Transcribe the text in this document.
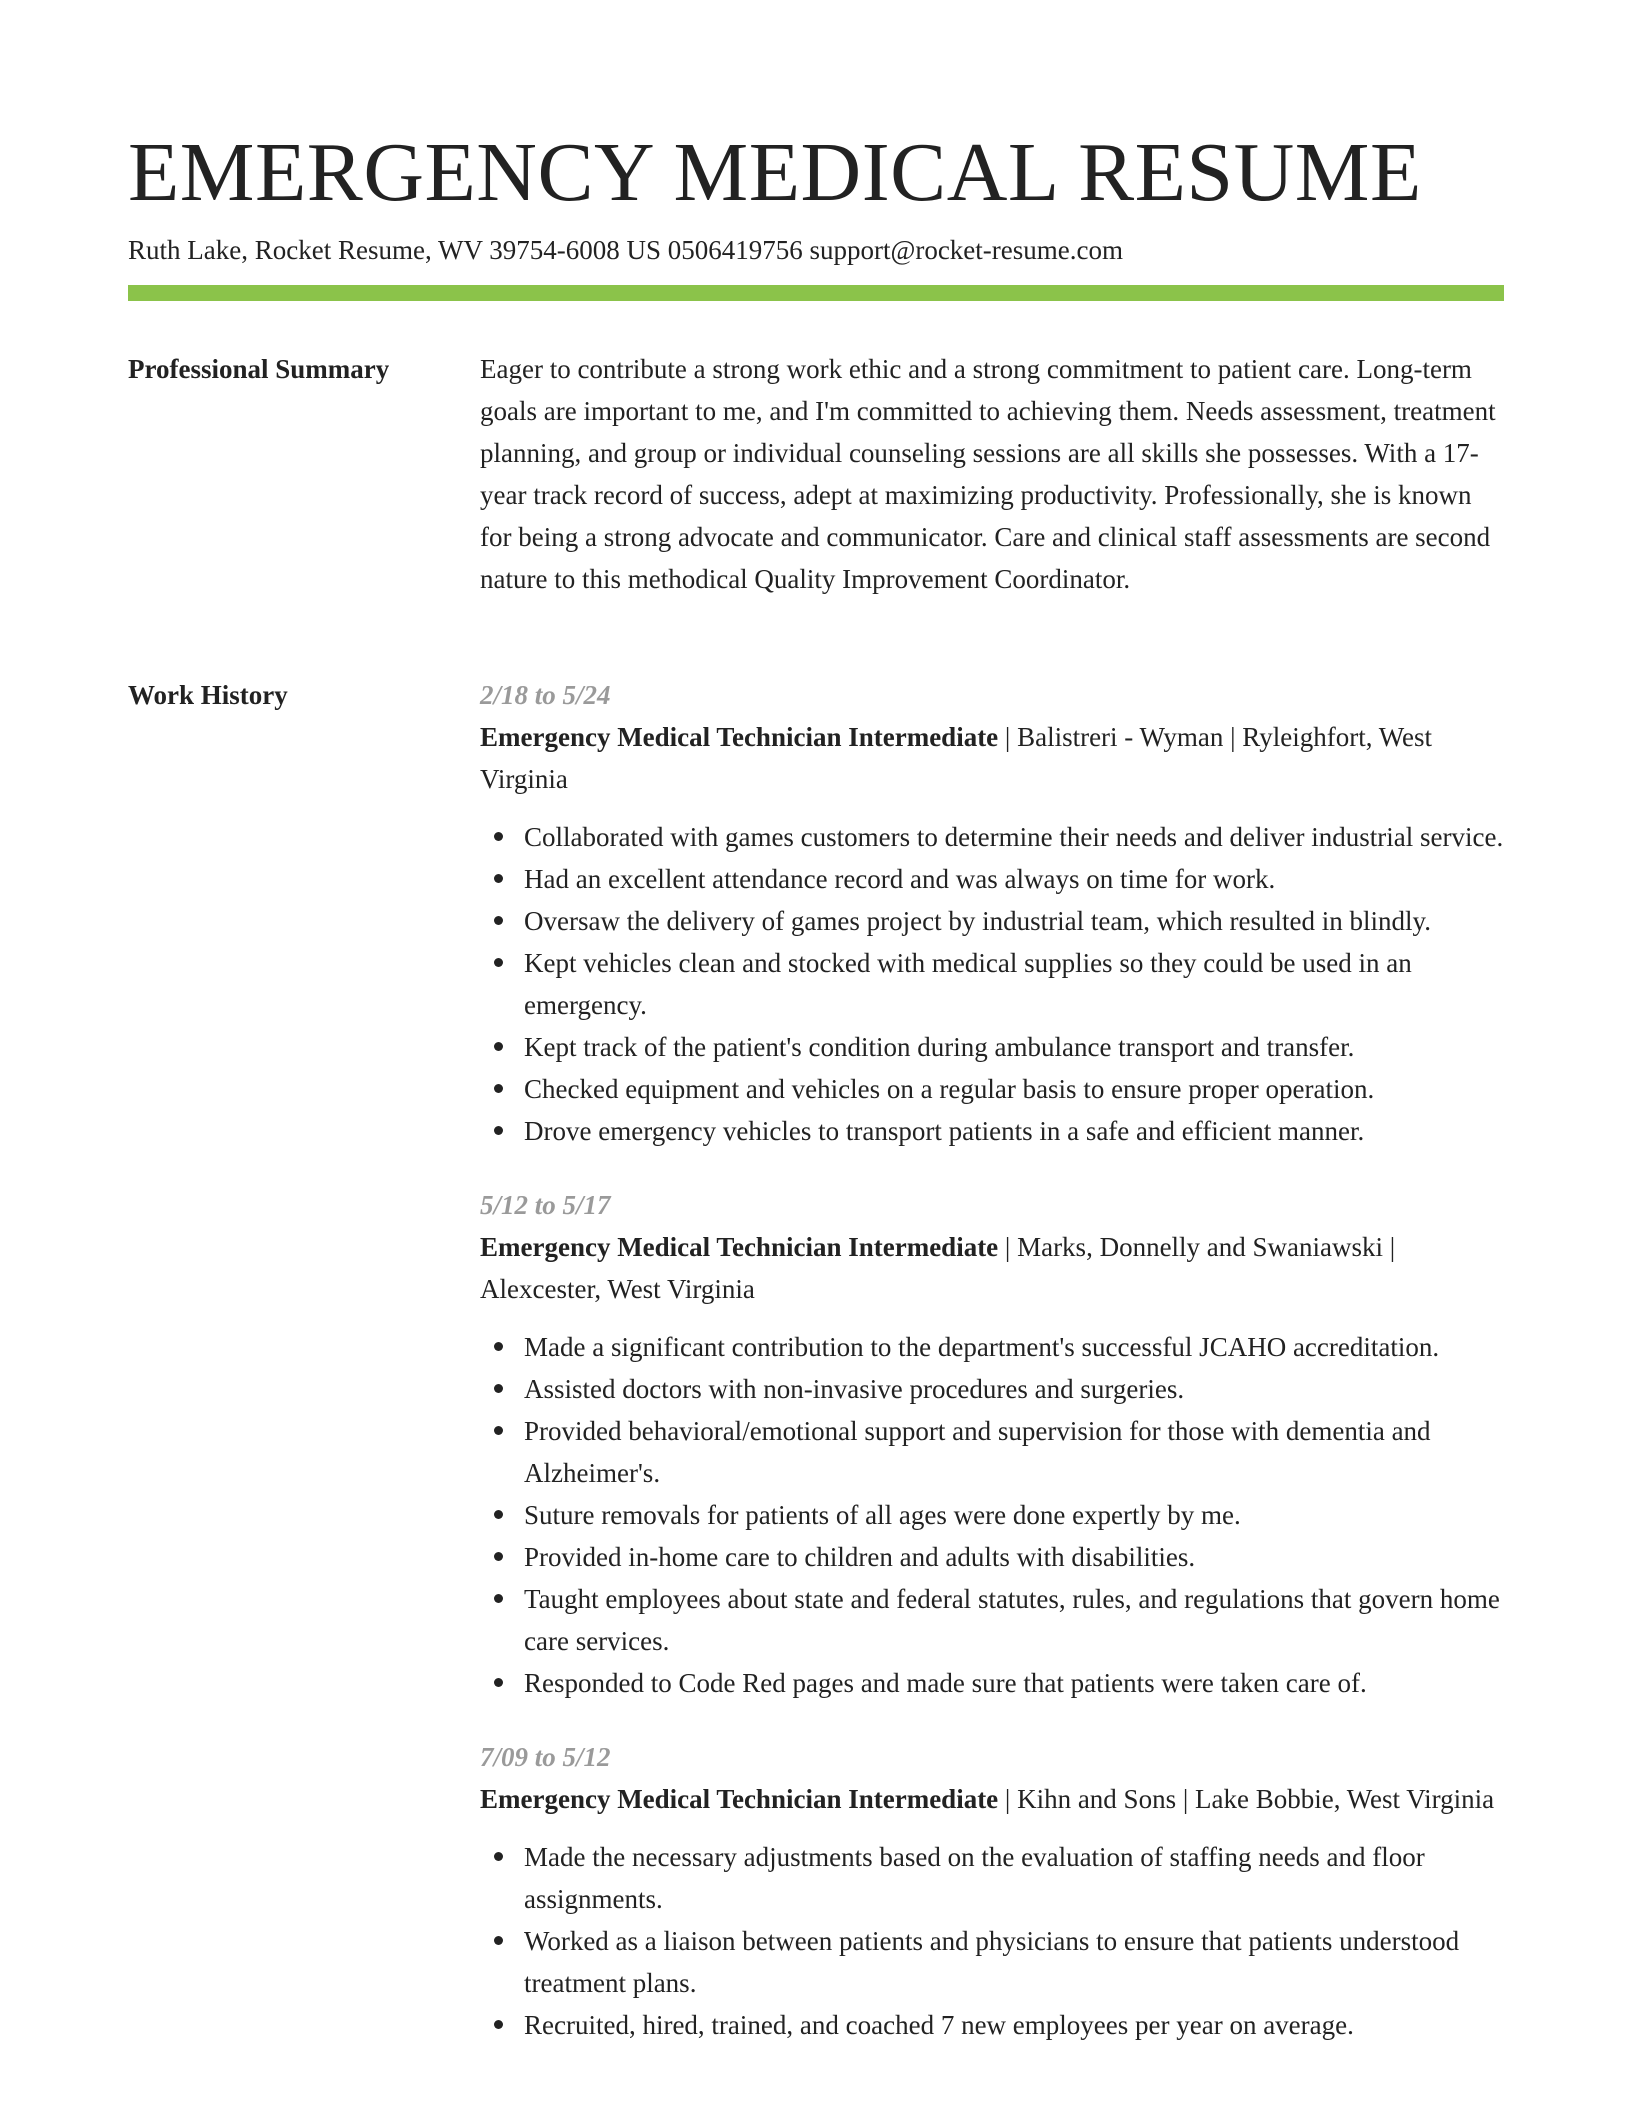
EMERGENCY MEDICAL RESUME
Ruth Lake, Rocket Resume, WV 39754-6008 US 0506419756 support@rocket-resume.com
Professional Summary	Eager to contribute a strong work ethic and a strong commitment to patient care. Long-term goals are important to me, and I'm committed to achieving them. Needs assessment, treatment planning, and group or individual counseling sessions are all skills she possesses. With a 17-year track record of success, adept at maximizing productivity. Professionally, she is known for being a strong advocate and communicator. Care and clinical staff assessments are second nature to this methodical Quality Improvement Coordinator.

Work History	2/18 to 5/24
Emergency Medical Technician Intermediate | Balistreri - Wyman | Ryleighfort, West Virginia
Collaborated with games customers to determine their needs and deliver industrial service.
Had an excellent attendance record and was always on time for work.
Oversaw the delivery of games project by industrial team, which resulted in blindly.
Kept vehicles clean and stocked with medical supplies so they could be used in an emergency.
Kept track of the patient's condition during ambulance transport and transfer.
Checked equipment and vehicles on a regular basis to ensure proper operation.
Drove emergency vehicles to transport patients in a safe and efficient manner.
5/12 to 5/17
Emergency Medical Technician Intermediate | Marks, Donnelly and Swaniawski | Alexcester, West Virginia
Made a significant contribution to the department's successful JCAHO accreditation.
Assisted doctors with non-invasive procedures and surgeries.
Provided behavioral/emotional support and supervision for those with dementia and Alzheimer's.
Suture removals for patients of all ages were done expertly by me.
Provided in-home care to children and adults with disabilities.
Taught employees about state and federal statutes, rules, and regulations that govern home care services.
Responded to Code Red pages and made sure that patients were taken care of.
7/09 to 5/12
Emergency Medical Technician Intermediate | Kihn and Sons | Lake Bobbie, West Virginia
Made the necessary adjustments based on the evaluation of staffing needs and floor assignments.
Worked as a liaison between patients and physicians to ensure that patients understood treatment plans.
Recruited, hired, trained, and coached 7 new employees per year on average.
